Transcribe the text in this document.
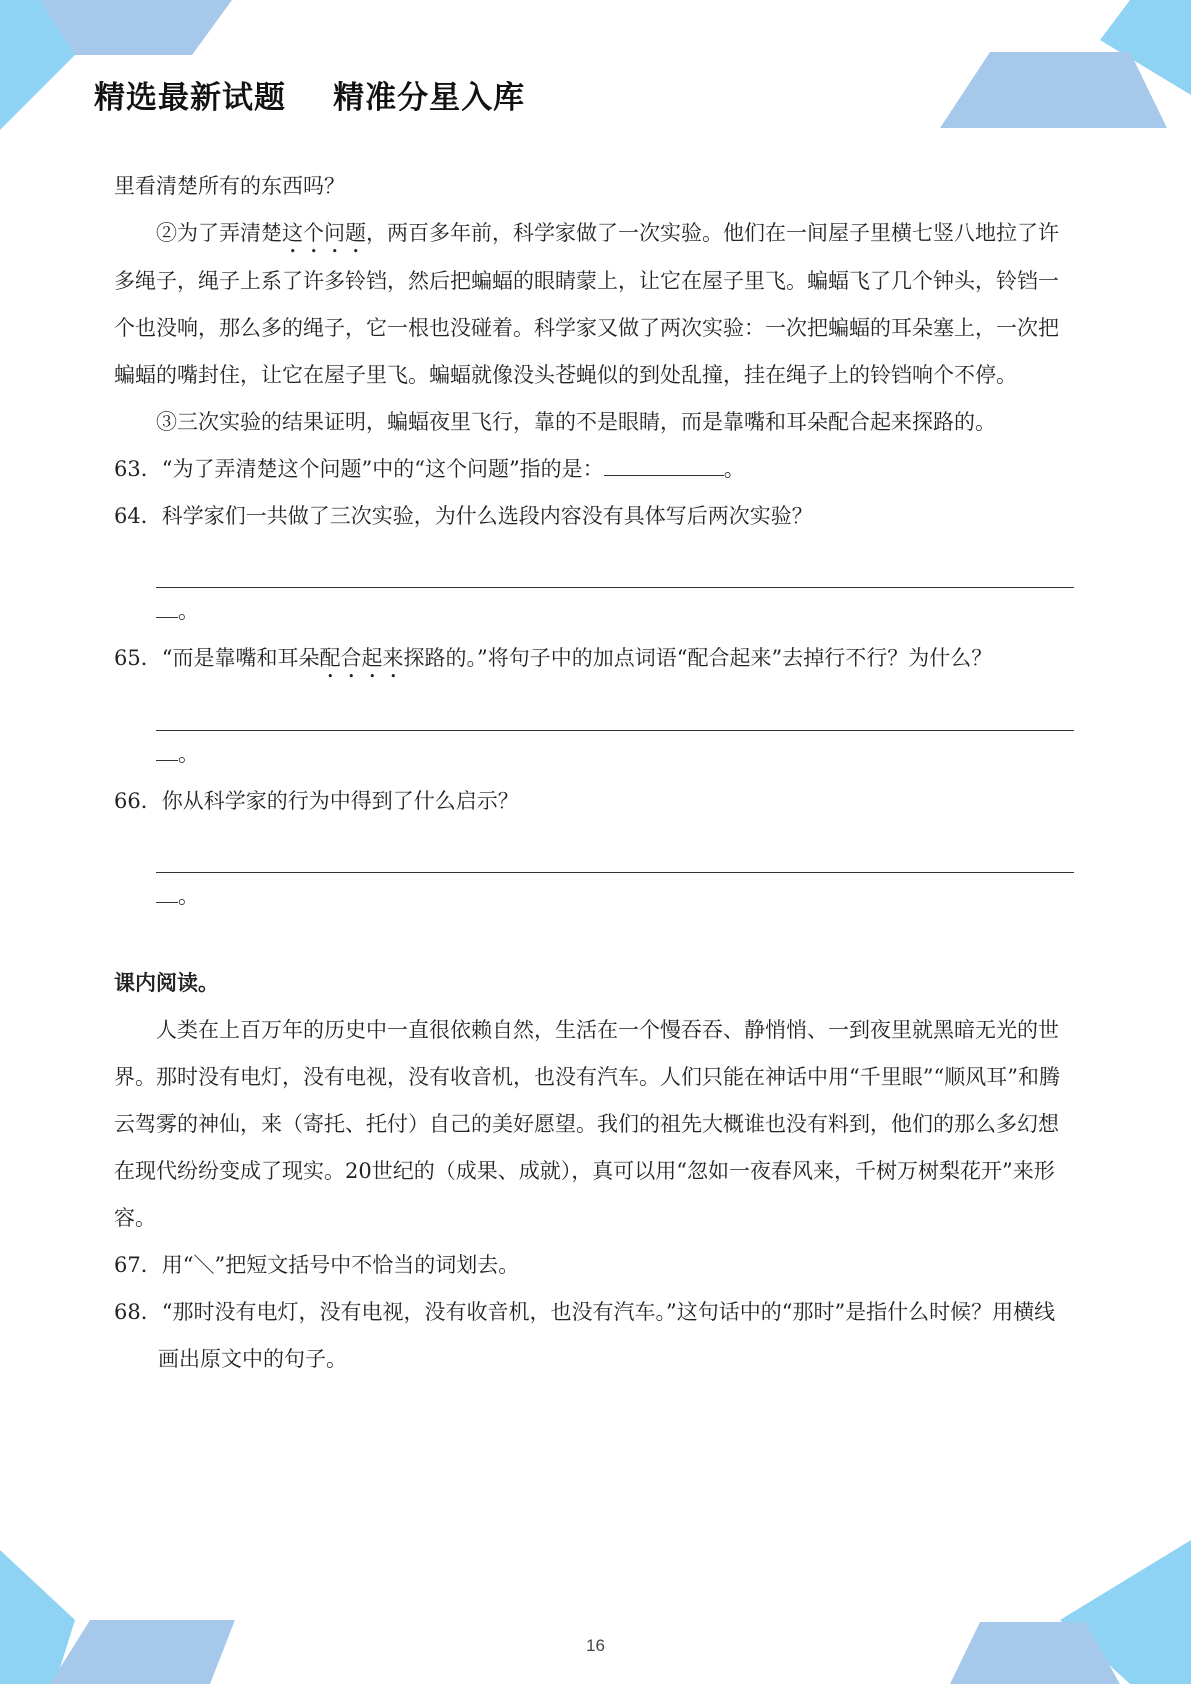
精选最新试题    精准分星入库

里看清楚所有的东西吗？

②为了弄清楚这个问题，两百多年前，科学家做了一次实验。他们在一间屋子里横七竖八地拉了许多绳子，绳子上系了许多铃铛，然后把蝙蝠的眼睛蒙上，让它在屋子里飞。蝙蝠飞了几个钟头，铃铛一个也没响，那么多的绳子，它一根也没碰着。科学家又做了两次实验：一次把蝙蝠的耳朵塞上，一次把蝙蝠的嘴封住，让它在屋子里飞。蝙蝠就像没头苍蝇似的到处乱撞，挂在绳子上的铃铛响个不停。

③三次实验的结果证明，蝙蝠夜里飞行，靠的不是眼睛，而是靠嘴和耳朵配合起来探路的。

63．“为了弄清楚这个问题”中的“这个问题”指的是：	。

64．科学家们一共做了三次实验，为什么选段内容没有具体写后两次实验？

。

65．“而是靠嘴和耳朵配合起来探路的。”将句子中的加点词语“配合起来”去掉行不行？为什么？

。

66．你从科学家的行为中得到了什么启示？

。

课内阅读。

人类在上百万年的历史中一直很依赖自然，生活在一个慢吞吞、静悄悄、一到夜里就黑暗无光的世界。那时没有电灯，没有电视，没有收音机，也没有汽车。人们只能在神话中用“千里眼”“顺风耳”和腾云驾雾的神仙，来（寄托、托付）自己的美好愿望。我们的祖先大概谁也没有料到，他们的那么多幻想在现代纷纷变成了现实。20世纪的（成果、成就），真可以用“忽如一夜春风来，千树万树梨花开”来形容。

67．用“＼”把短文括号中不恰当的词划去。

68．“那时没有电灯，没有电视，没有收音机，也没有汽车。”这句话中的“那时”是指什么时候？用横线画出原文中的句子。

16
